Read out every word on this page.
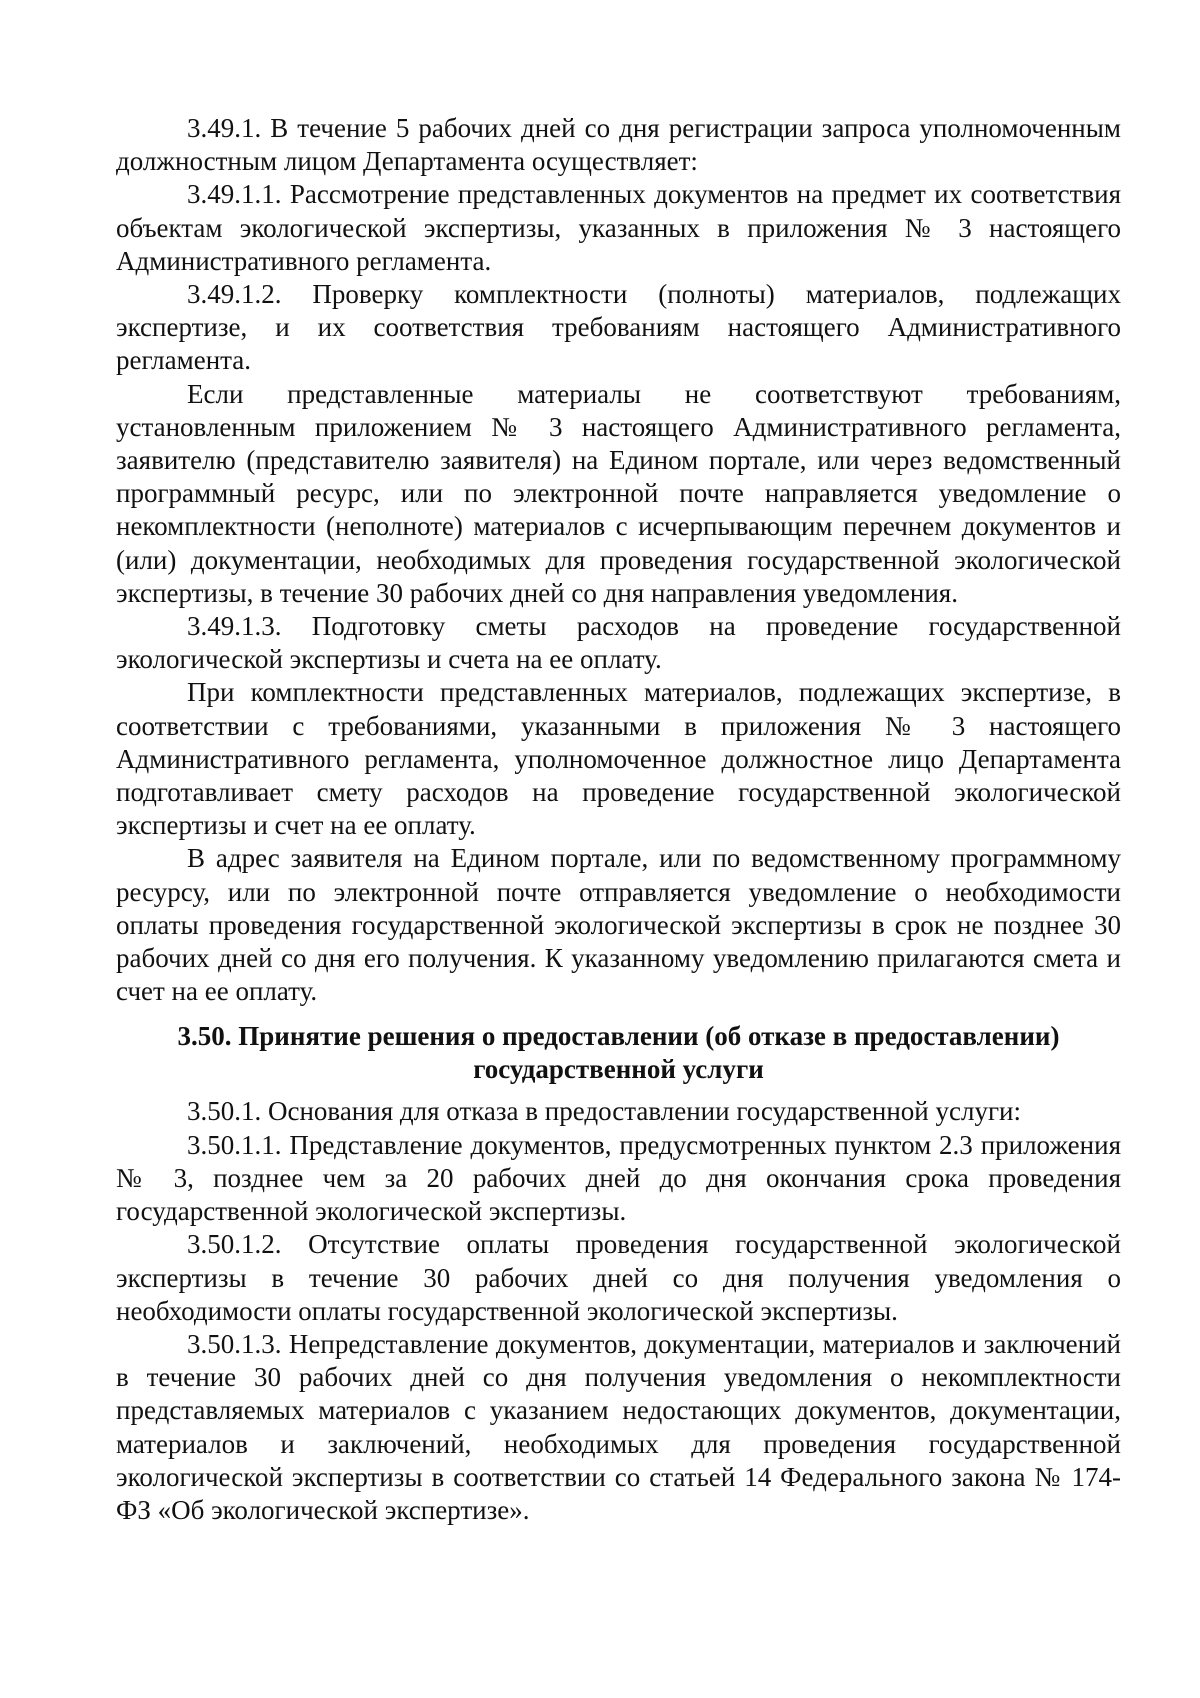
3.49.1. В течение 5 рабочих дней со дня регистрации запроса уполномоченным должностным лицом Департамента осуществляет:

3.49.1.1. Рассмотрение представленных документов на предмет их соответствия объектам экологической экспертизы, указанных в приложения № 3 настоящего Административного регламента.

3.49.1.2. Проверку комплектности (полноты) материалов, подлежащих экспертизе, и их соответствия требованиям настоящего Административного регламента.

Если представленные материалы не соответствуют требованиям, установленным приложением № 3 настоящего Административного регламента, заявителю (представителю заявителя) на Едином портале, или через ведомственный программный ресурс, или по электронной почте направляется уведомление о некомплектности (неполноте) материалов с исчерпывающим перечнем документов и (или) документации, необходимых для проведения государственной экологической экспертизы, в течение 30 рабочих дней со дня направления уведомления.

3.49.1.3. Подготовку сметы расходов на проведение государственной экологической экспертизы и счета на ее оплату.

При комплектности представленных материалов, подлежащих экспертизе, в соответствии с требованиями, указанными в приложения № 3 настоящего Административного регламента, уполномоченное должностное лицо Департамента подготавливает смету расходов на проведение государственной экологической экспертизы и счет на ее оплату.

В адрес заявителя на Едином портале, или по ведомственному программному ресурсу, или по электронной почте отправляется уведомление о необходимости оплаты проведения государственной экологической экспертизы в срок не позднее 30 рабочих дней со дня его получения. К указанному уведомлению прилагаются смета и счет на ее оплату.

3.50. Принятие решения о предоставлении (об отказе в предоставлении)
государственной услуги

3.50.1. Основания для отказа в предоставлении государственной услуги:

3.50.1.1. Представление документов, предусмотренных пунктом 2.3 приложения № 3, позднее чем за 20 рабочих дней до дня окончания срока проведения государственной экологической экспертизы.

3.50.1.2. Отсутствие оплаты проведения государственной экологической экспертизы в течение 30 рабочих дней со дня получения уведомления о необходимости оплаты государственной экологической экспертизы.

3.50.1.3. Непредставление документов, документации, материалов и заключений в течение 30 рабочих дней со дня получения уведомления о некомплектности представляемых материалов с указанием недостающих документов, документации, материалов и заключений, необходимых для проведения государственной экологической экспертизы в соответствии со статьей 14 Федерального закона № 174-ФЗ «Об экологической экспертизе».
